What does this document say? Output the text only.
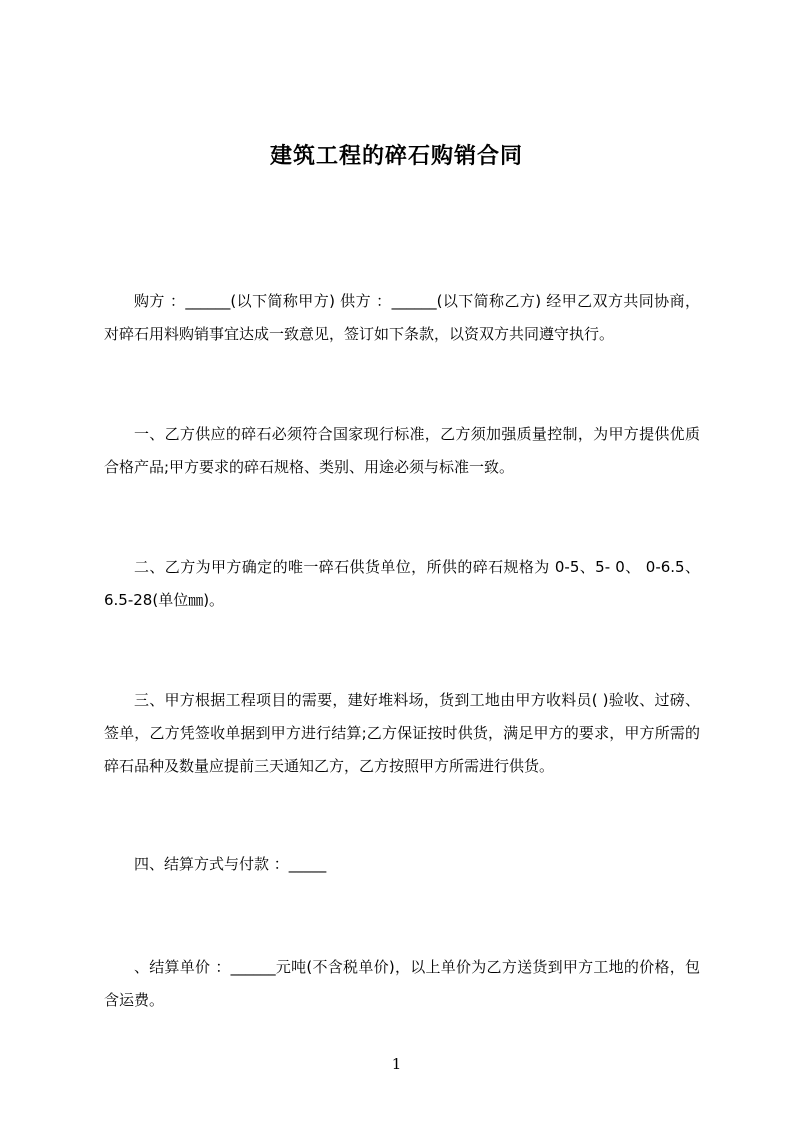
建筑工程的碎石购销合同

购方 ：______(以下简称甲方) 供方 ：______(以下简称乙方) 经甲乙双方共同协商，对碎石用料购销事宜达成一致意见，签订如下条款，以资双方共同遵守执行。

一、乙方供应的碎石必须符合国家现行标准，乙方须加强质量控制，为甲方提供优质合格产品;甲方要求的碎石规格、类别、用途必须与标准一致。

二、乙方为甲方确定的唯一碎石供货单位，所供的碎石规格为 0-5、5- 0、 0-6.5、 6.5-28(单位㎜)。

三、甲方根据工程项目的需要，建好堆料场，货到工地由甲方收料员( )验收、过磅、签单，乙方凭签收单据到甲方进行结算;乙方保证按时供货，满足甲方的要求，甲方所需的碎石品种及数量应提前三天通知乙方，乙方按照甲方所需进行供货。

四、结算方式与付款 ：_____

、结算单价 ：______元吨(不含税单价)，以上单价为乙方送货到甲方工地的价格，包含运费。

1
